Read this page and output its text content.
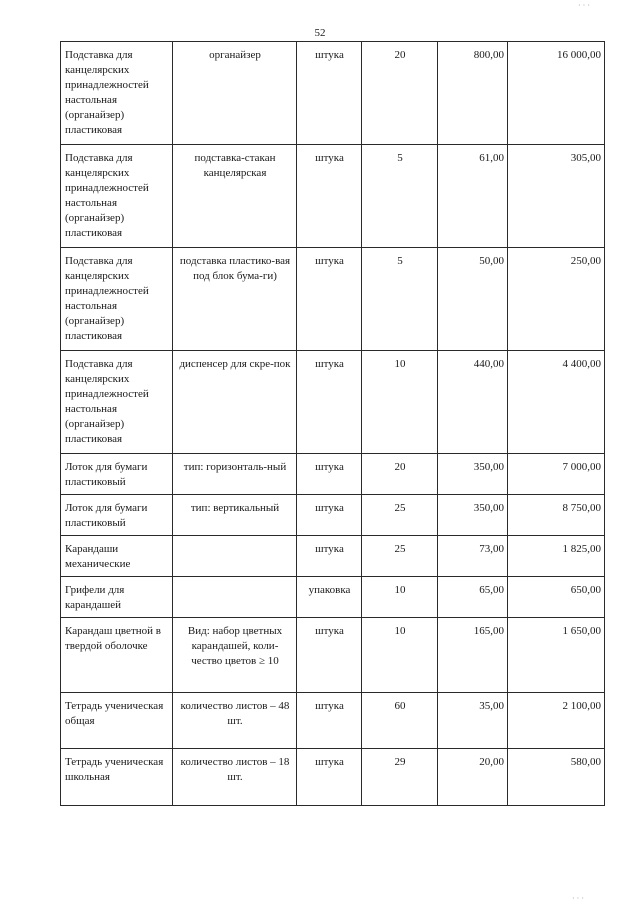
52
Подставка для канцелярских принадлежностей настольная (органайзер) пластиковая	органайзер	штука	20	800,00	16 000,00
Подставка для канцелярских принадлежностей настольная (органайзер) пластиковая	подставка-стакан канцелярская	штука	5	61,00	305,00
Подставка для канцелярских принадлежностей настольная (органайзер) пластиковая	подставка пластико-вая под блок бума-ги)	штука	5	50,00	250,00
Подставка для канцелярских принадлежностей настольная (органайзер) пластиковая	диспенсер для скре-пок	штука	10	440,00	4 400,00
Лоток для бумаги пластиковый	тип: горизонталь-ный	штука	20	350,00	7 000,00
Лоток для бумаги пластиковый	тип: вертикальный	штука	25	350,00	8 750,00
Карандаши механические		штука	25	73,00	1 825,00
Грифели для карандашей		упаковка	10	65,00	650,00
Карандаш цветной в твердой оболочке	Вид: набор цветных карандашей, коли-чество цветов ≥ 10	штука	10	165,00	1 650,00
Тетрадь ученическая общая	количество листов – 48 шт.	штука	60	35,00	2 100,00
Тетрадь ученическая школьная	количество листов – 18 шт.	штука	29	20,00	580,00
· · ·
· · ·
